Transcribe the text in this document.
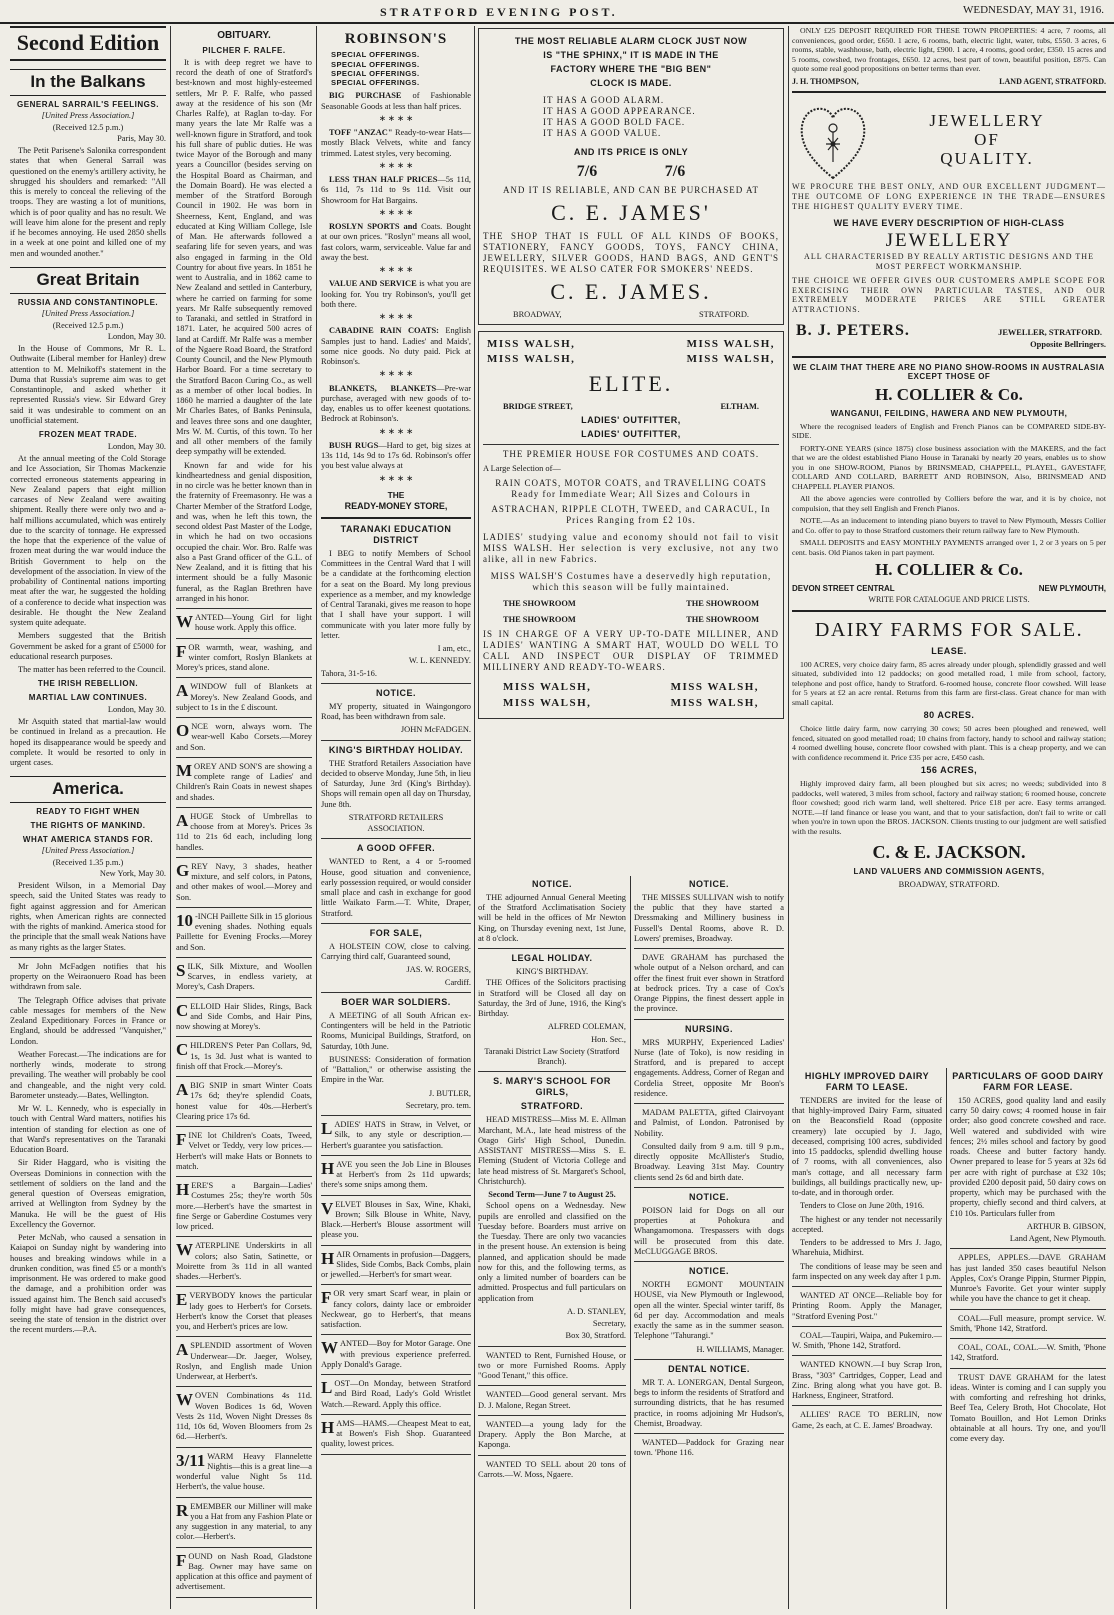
STRATFORD EVENING POST.	WEDNESDAY, MAY 31, 1916.
Second Edition
In the Balkans
GENERAL SARRAIL'S FEELINGS.
[United Press Association.]
(Received 12.5 p.m.)
Paris, May 30.

The Petit Parisene's Salonika correspondent states that when General Sarrail was questioned on the enemy's artillery activity, he shrugged his shoulders and remarked: "All this is merely to conceal the relieving of the troops. They are wasting a lot of munitions, which is of poor quality and has no result. We will leave him alone for the present and reply if he becomes annoying. He used 2850 shells in a week at one point and killed one of my men and wounded another."

Great Britain
RUSSIA AND CONSTANTINOPLE.
[United Press Association.]
(Received 12.5 p.m.)
London, May 30.

In the House of Commons, Mr R. L. Outhwaite (Liberal member for Hanley) drew attention to M. Melnikoff's statement in the Duma that Russia's supreme aim was to get Constantinople, and asked whether it represented Russia's view. Sir Edward Grey said it was undesirable to comment on an unofficial statement.

FROZEN MEAT TRADE.
London, May 30.

At the annual meeting of the Cold Storage and Ice Association, Sir Thomas Mackenzie corrected erroneous statements appearing in New Zealand papers that eight million carcases of New Zealand were awaiting shipment. Really there were only two and a-half millions accumulated, which was entirely due to the scarcity of tonnage. He expressed the hope that the experience of the value of frozen meat during the war would induce the British Government to help on the development of the association. In view of the probability of Continental nations importing meat after the war, he suggested the holding of a conference to decide what inspection was desirable. He thought the New Zealand system quite adequate.

Members suggested that the British Government be asked for a grant of £5000 for educational research purposes.

The matter has been referred to the Council.

THE IRISH REBELLION.
MARTIAL LAW CONTINUES.
London, May 30.

Mr Asquith stated that martial-law would be continued in Ireland as a precaution. He hoped its disappearance would be speedy and complete. It would be resorted to only in urgent cases.

America.
READY TO FIGHT WHEN
THE RIGHTS OF MANKIND.
WHAT AMERICA STANDS FOR.
[United Press Association.]
(Received 1.35 p.m.)
New York, May 30.

President Wilson, in a Memorial Day speech, said the United States was ready to fight against aggression and for American rights, when American rights are connected with the rights of mankind. America stood for the principle that the small weak Nations have as many rights as the larger States.

Mr John McFadgen notifies that his property on the Weiraonuero Road has been withdrawn from sale.

The Telegraph Office advises that private cable messages for members of the New Zealand Expeditionary Forces in France or England, should be addressed "Vanquisher," London.

Weather Forecast.—The indications are for northerly winds, moderate to strong prevailing. The weather will probably be cool and changeable, and the night very cold. Barometer unsteady.—Bates, Wellington.

Mr W. L. Kennedy, who is especially in touch with Central Ward matters, notifies his intention of standing for election as one of that Ward's representatives on the Taranaki Education Board.

Sir Rider Haggard, who is visiting the Overseas Dominions in connection with the settlement of soldiers on the land and the general question of Overseas emigration, arrived at Wellington from Sydney by the Manuka. He will be the guest of His Excellency the Governor.

Peter McNab, who caused a sensation in Kaiapoi on Sunday night by wandering into houses and breaking windows while in a drunken condition, was fined £5 or a month's imprisonment. He was ordered to make good the damage, and a prohibition order was issued against him. The Bench said accused's folly might have had grave consequences, seeing the state of tension in the district over the recent murders.—P.A.

OBITUARY.
PILCHER F. RALFE.

It is with deep regret we have to record the death of one of Stratford's best-known and most highly-esteemed settlers, Mr P. F. Ralfe, who passed away at the residence of his son (Mr Charles Ralfe), at Raglan to-day. For many years the late Mr Ralfe was a well-known figure in Stratford, and took his full share of public duties. He was twice Mayor of the Borough and many years a Councillor (besides serving on the Hospital Board as Chairman, and the Domain Board). He was elected a member of the Stratford Borough Council in 1902. He was born in Sheerness, Kent, England, and was educated at King William College, Isle of Man. He afterwards followed a seafaring life for seven years, and was also engaged in farming in the Old Country for about five years. In 1851 he went to Australia, and in 1862 came to New Zealand and settled in Canterbury, where he carried on farming for some years. Mr Ralfe subsequently removed to Taranaki, and settled in Stratford in 1871. Later, he acquired 500 acres of land at Cardiff. Mr Ralfe was a member of the Ngaere Road Board, the Stratford County Council, and the New Plymouth Harbor Board. For a time secretary to the Stratford Bacon Curing Co., as well as a member of other local bodies. In 1860 he married a daughter of the late Mr Charles Bates, of Banks Peninsula, and leaves three sons and one daughter, Mrs W. M. Curtis, of this town. To her and all other members of the family deep sympathy will be extended.

Known far and wide for his kindheartedness and genial disposition, in no circle was he better known than in the fraternity of Freemasonry. He was a Charter Member of the Stratford Lodge, and was, when he left this town, the second oldest Past Master of the Lodge, in which he had on two occasions occupied the chair. Wor. Bro. Ralfe was also a Past Grand officer of the G.L. of New Zealand, and it is fitting that his interment should be a fully Masonic funeral, as the Raglan Brethren have arranged in his honor.

WANTED—Young Girl for light house work. Apply this office.
FOR warmth, wear, washing, and winter comfort, Roslyn Blankets at Morey's prices, stand alone.
A WINDOW full of Blankets at Morey's. New Zealand Goods, and subject to 1s in the £ discount.
ONCE worn, always worn. The wear-well Kabo Corsets.—Morey and Son.
MOREY AND SON'S are showing a complete range of Ladies' and Children's Rain Coats in newest shapes and shades.
A HUGE Stock of Umbrellas to choose from at Morey's. Prices 3s 11d to 21s 6d each, including long handles.
GREY Navy, 3 shades, heather mixture, and self colors, in Patons, and other makes of wool.—Morey and Son.
10 -INCH Paillette Silk in 15 glorious evening shades. Nothing equals Paillette for Evening Frocks.—Morey and Son.
SILK, Silk Mixture, and Woollen Scarves, in endless variety, at Morey's, Cash Drapers.
CELLOID Hair Slides, Rings, Back and Side Combs, and Hair Pins, now showing at Morey's.
CHILDREN'S Peter Pan Collars, 9d, 1s, 1s 3d. Just what is wanted to finish off that Frock.—Morey's.
A BIG SNIP in smart Winter Coats 17s 6d; they're splendid Coats, honest value for 40s.—Herbert's Clearing price 17s 6d.
FINE lot Children's Coats, Tweed, Velvet or Teddy, very low prices.—Herbert's will make Hats or Bonnets to match.
HERE'S a Bargain—Ladies' Costumes 25s; they're worth 50s more.—Herbert's have the smartest in fine Serge or Gaberdine Costumes very low priced.
WATERPLINE Underskirts in all colors; also Satin, Satinette, or Moirette from 3s 11d in all wanted shades.—Herbert's.
EVERYBODY knows the particular lady goes to Herbert's for Corsets. Herbert's know the Corset that pleases you, and Herbert's prices are low.
A SPLENDID assortment of Woven Underwear—Dr. Jaeger, Wolsey, Roslyn, and English made Union Underwear, at Herbert's.
WOVEN Combinations 4s 11d. Woven Bodices 1s 6d, Woven Vests 2s 11d, Woven Night Dresses 8s 11d, 10s 6d, Woven Bloomers from 2s 6d.—Herbert's.
3/11 WARM Heavy Flannelette Nightis—this is a great line—a wonderful value Night 5s 11d. Herbert's, the value house.
REMEMBER our Milliner will make you a Hat from any Fashion Plate or any suggestion in any material, to any color.—Herbert's.
FOUND on Nash Road, Gladstone Bag. Owner may have same on application at this office and payment of advertisement.
ROBINSON'S
SPECIAL OFFERINGS.
SPECIAL OFFERINGS.
SPECIAL OFFERINGS.
SPECIAL OFFERINGS.

BIG PURCHASE of Fashionable Seasonable Goods at less than half prices.

∗ ∗ ∗ ∗

TOFF "ANZAC" Ready-to-wear Hats—mostly Black Velvets, white and fancy trimmed. Latest styles, very becoming.

∗ ∗ ∗ ∗

LESS THAN HALF PRICES—5s 11d, 6s 11d, 7s 11d to 9s 11d. Visit our Showroom for Hat Bargains.

∗ ∗ ∗ ∗

ROSLYN SPORTS and Coats. Bought at our own prices. "Roslyn" means all wool, fast colors, warm, serviceable. Value far and away the best.

∗ ∗ ∗ ∗

VALUE AND SERVICE is what you are looking for. You try Robinson's, you'll get both there.

∗ ∗ ∗ ∗

CABADINE RAIN COATS: English Samples just to hand. Ladies' and Maids', some nice goods. No duty paid. Pick at Robinson's.

∗ ∗ ∗ ∗

BLANKETS, BLANKETS—Pre-war purchase, averaged with new goods of to-day, enables us to offer keenest quotations. Bedrock at Robinson's.

∗ ∗ ∗ ∗

BUSH RUGS—Hard to get, big sizes at 13s 11d, 14s 9d to 17s 6d. Robinson's offer you best value always at

∗ ∗ ∗ ∗
THE
READY-MONEY STORE,
TARANAKI EDUCATION DISTRICT

I BEG to notify Members of School Committees in the Central Ward that I will be a candidate at the forthcoming election for a seat on the Board. My long previous experience as a member, and my knowledge of Central Taranaki, gives me reason to hope that I shall have your support. I will communicate with you later more fully by letter.

I am, etc.,
W. L. KENNEDY.
Tahora, 31-5-16.
NOTICE.

MY property, situated in Waingongoro Road, has been withdrawn from sale.

JOHN McFADGEN.
KING'S BIRTHDAY HOLIDAY.

THE Stratford Retailers Association have decided to observe Monday, June 5th, in lieu of Saturday, June 3rd (King's Birthday). Shops will remain open all day on Thursday, June 8th.

STRATFORD RETAILERS
ASSOCIATION.
A GOOD OFFER.

WANTED to Rent, a 4 or 5-roomed House, good situation and convenience, early possession required, or would consider small place and cash in exchange for good little Waikato Farm.—T. White, Draper, Stratford.

FOR SALE,

A HOLSTEIN COW, close to calving. Carrying third calf, Guaranteed sound,

JAS. W. ROGERS,
Cardiff.
BOER WAR SOLDIERS.

A MEETING of all South African ex-Contingenters will be held in the Patriotic Rooms, Municipal Buildings, Stratford, on Saturday, 10th June.

BUSINESS: Consideration of formation of "Battalion," or otherwise assisting the Empire in the War.

J. BUTLER,
Secretary, pro. tem.
LADIES' HATS in Straw, in Velvet, or Silk, to any style or description.—Herbert's guarantee you satisfaction.
HAVE you seen the Job Line in Blouses at Herbert's from 2s 11d upwards; there's some snips among them.
VELVET Blouses in Sax, Wine, Khaki, Brown; Silk Blouse in White, Navy, Black.—Herbert's Blouse assortment will please you.
HAIR Ornaments in profusion—Daggers, Slides, Side Combs, Back Combs, plain or jewelled.—Herbert's for smart wear.
FOR very smart Scarf wear, in plain or fancy colors, dainty lace or embroider Neckwear, go to Herbert's, that means satisfaction.
WANTED—Boy for Motor Garage. One with previous experience preferred. Apply Donald's Garage.
LOST—On Monday, between Stratford and Bird Road, Lady's Gold Wristlet Watch.—Reward. Apply this office.
HAMS—HAMS.—Cheapest Meat to eat, at Bowen's Fish Shop. Guaranteed quality, lowest prices.
THE MOST RELIABLE ALARM CLOCK JUST NOW
IS "THE SPHINX," IT IS MADE IN THE
FACTORY WHERE THE "BIG BEN"
CLOCK IS MADE.
IT HAS A GOOD ALARM.
IT HAS A GOOD APPEARANCE.
IT HAS A GOOD BOLD FACE.
IT HAS A GOOD VALUE.
AND ITS PRICE IS ONLY
7/6	7/6
AND IT IS RELIABLE, AND CAN BE PURCHASED AT
C. E. JAMES'
THE SHOP THAT IS FULL OF ALL KINDS OF BOOKS, STATIONERY, FANCY GOODS, TOYS, FANCY CHINA, JEWELLERY, SILVER GOODS, HAND BAGS, AND GENT'S REQUISITES. WE ALSO CATER FOR SMOKERS' NEEDS.
C. E. JAMES.
BROADWAY,	STRATFORD.
MISS WALSH,	MISS WALSH,
MISS WALSH,	MISS WALSH,
ELITE.
BRIDGE STREET,	ELTHAM.
LADIES' OUTFITTER,
LADIES' OUTFITTER,
THE PREMIER HOUSE FOR COSTUMES AND COATS.
A Large Selection of—
RAIN COATS, MOTOR COATS, and TRAVELLING COATS Ready for Immediate Wear; All Sizes and Colours in
ASTRACHAN, RIPPLE CLOTH, TWEED, and CARACUL, In Prices Ranging from £2 10s.
LADIES' studying value and economy should not fail to visit MISS WALSH. Her selection is very exclusive, not any two alike, all in new Fabrics.
MISS WALSH'S Costumes have a deservedly high reputation, which this season will be fully maintained.
THE SHOWROOM	THE SHOWROOM
THE SHOWROOM	THE SHOWROOM
IS IN CHARGE OF A VERY UP-TO-DATE MILLINER, AND LADIES' WANTING A SMART HAT, WOULD DO WELL TO CALL AND INSPECT OUR DISPLAY OF TRIMMED MILLINERY AND READY-TO-WEARS.
MISS WALSH,	MISS WALSH,
MISS WALSH,	MISS WALSH,
NOTICE.

THE adjourned Annual General Meeting of the Stratford Acclimatisation Society will be held in the offices of Mr Newton King, on Thursday evening next, 1st June, at 8 o'clock.

LEGAL HOLIDAY.
KING'S BIRTHDAY.

THE Offices of the Solicitors practising in Stratford will be Closed all day on Saturday, the 3rd of June, 1916, the King's Birthday.

ALFRED COLEMAN,
Hon. Sec.,
Taranaki District Law Society (Stratford Branch).
S. MARY'S SCHOOL FOR GIRLS,
STRATFORD.

HEAD MISTRESS—Miss M. E. Allman Marchant, M.A., late head mistress of the Otago Girls' High School, Dunedin. ASSISTANT MISTRESS—Miss S. E. Fleming (Student of Victoria College and late head mistress of St. Margaret's School, Christchurch).

Second Term—June 7 to August 25.

School opens on a Wednesday. New pupils are enrolled and classified on the Tuesday before. Boarders must arrive on the Tuesday. There are only two vacancies in the present house. An extension is being planned, and application should be made now for this, and the following terms, as only a limited number of boarders can be admitted. Prospectus and full particulars on application from

A. D. STANLEY,
Secretary,
Box 30, Stratford.

WANTED to Rent, Furnished House, or two or more Furnished Rooms. Apply "Good Tenant," this office.

WANTED—Good general servant. Mrs D. J. Malone, Regan Street.

WANTED—a young lady for the Drapery. Apply the Bon Marche, at Kaponga.

WANTED TO SELL about 20 tons of Carrots.—W. Moss, Ngaere.

NOTICE.

THE MISSES SULLIVAN wish to notify the public that they have started a Dressmaking and Millinery business in Fussell's Dental Rooms, above R. D. Lowers' premises, Broadway.

DAVE GRAHAM has purchased the whole output of a Nelson orchard, and can offer the finest fruit ever shown in Stratford at bedrock prices. Try a case of Cox's Orange Pippins, the finest dessert apple in the province.

NURSING.

MRS MURPHY, Experienced Ladies' Nurse (late of Toko), is now residing in Stratford, and is prepared to accept engagements. Address, Corner of Regan and Cordelia Street, opposite Mr Boon's residence.

MADAM PALETTA, gifted Clairvoyant and Palmist, of London. Patronised by Nobility.

Consulted daily from 9 a.m. till 9 p.m., directly opposite McAllister's Studio, Broadway. Leaving 31st May. Country clients send 2s 6d and birth date.

NOTICE.

POISON laid for Dogs on all our properties at Pohokura and Whangamomona. Trespassers with dogs will be prosecuted from this date. McCLUGGAGE BROS.

NOTICE.

NORTH EGMONT MOUNTAIN HOUSE, via New Plymouth or Inglewood, open all the winter. Special winter tariff, 8s 6d per day. Accommodation and meals exactly the same as in the summer season. Telephone "Tahurangi."

H. WILLIAMS, Manager.
DENTAL NOTICE.

MR T. A. LONERGAN, Dental Surgeon, begs to inform the residents of Stratford and surrounding districts, that he has resumed practice, in rooms adjoining Mr Hudson's, Chemist, Broadway.

WANTED—Paddock for Grazing near town. 'Phone 116.

ONLY £25 DEPOSIT REQUIRED FOR THESE TOWN PROPERTIES: 4 acre, 7 rooms, all conveniences, good order, £650. 1 acre, 6 rooms, bath, electric light, water, tubs, £550. 3 acres, 6 rooms, stable, washhouse, bath, electric light, £900. 1 acre, 4 rooms, good order, £350. 15 acres and 5 rooms, cowshed, two frontages, £650. 12 acres, best part of town, beautiful position, £875. Can quote some real good propositions on better terms than ever.

J. H. THOMPSON,	LAND AGENT, STRATFORD.
JEWELLERY
OF
QUALITY.
WE PROCURE THE BEST ONLY, AND OUR EXCELLENT JUDGMENT—THE OUTCOME OF LONG EXPERIENCE IN THE TRADE—ENSURES THE HIGHEST QUALITY EVERY TIME.
WE HAVE EVERY DESCRIPTION OF HIGH-CLASS
JEWELLERY
ALL CHARACTERISED BY REALLY ARTISTIC DESIGNS AND THE MOST PERFECT WORKMANSHIP.
THE CHOICE WE OFFER GIVES OUR CUSTOMERS AMPLE SCOPE FOR EXERCISING THEIR OWN PARTICULAR TASTES, AND OUR EXTREMELY MODERATE PRICES ARE STILL GREATER ATTRACTIONS.
B. J. PETERS.	JEWELLER, STRATFORD.
Opposite Bellringers.
WE CLAIM THAT THERE ARE NO PIANO SHOW-ROOMS IN AUSTRALASIA EXCEPT THOSE OF
H. COLLIER & Co.
WANGANUI, FEILDING, HAWERA AND NEW PLYMOUTH,

Where the recognised leaders of English and French Pianos can be COMPARED SIDE-BY-SIDE.

FORTY-ONE YEARS (since 1875) close business association with the MAKERS, and the fact that we are the oldest established Piano House in Taranaki by nearly 20 years, enables us to show you in one SHOW-ROOM, Pianos by BRINSMEAD, CHAPPELL, PLAYEL, GAVESTAFF, COLLARD AND COLLARD, BARRETT AND ROBINSON, Also, BRINSMEAD AND CHAPPELL PLAYER PIANOS.

All the above agencies were controlled by Colliers before the war, and it is by choice, not compulsion, that they sell English and French Pianos.

NOTE.—As an inducement to intending piano buyers to travel to New Plymouth, Messrs Collier and Co. offer to pay to those Stratford customers their return railway fare to New Plymouth.

SMALL DEPOSITS and EASY MONTHLY PAYMENTS arranged over 1, 2 or 3 years on 5 per cent. basis. Old Pianos taken in part payment.

H. COLLIER & Co.
DEVON STREET CENTRAL	NEW PLYMOUTH,
WRITE FOR CATALOGUE AND PRICE LISTS.
DAIRY FARMS FOR SALE.
LEASE.

100 ACRES, very choice dairy farm, 85 acres already under plough, splendidly grassed and well situated, subdivided into 12 paddocks; on good metalled road, 1 mile from school, factory, telephone and post office, handy to Stratford. 6-roomed house, concrete floor cowshed. Will lease for 5 years at £2 an acre rental. Returns from this farm are first-class. Great chance for man with small capital.

80 ACRES.

Choice little dairy farm, now carrying 30 cows; 50 acres been ploughed and renewed, well fenced, situated on good metalled road; 10 chains from factory, handy to school and railway station; 4 roomed dwelling house, concrete floor cowshed with plant. This is a cheap property, and we can with confidence recommend it. Price £35 per acre, £450 cash.

156 ACRES,

Highly improved dairy farm, all been ploughed but six acres; no weeds; subdivided into 8 paddocks, well watered, 3 miles from school, factory and railway station; 6 roomed house, concrete floor cowshed; good rich warm land, well sheltered. Price £18 per acre. Easy terms arranged. NOTE.—If land finance or lease you want, and that to your satisfaction, don't fail to write or call when you're in town upon the BROS. JACKSON. Clients trusting to our judgment are well satisfied with the results.

C. & E. JACKSON.
LAND VALUERS AND COMMISSION AGENTS,
BROADWAY, STRATFORD.
HIGHLY IMPROVED DAIRY FARM TO LEASE.

TENDERS are invited for the lease of that highly-improved Dairy Farm, situated on the Beaconsfield Road (opposite creamery) late occupied by J. Jago, deceased, comprising 100 acres, subdivided into 15 paddocks, splendid dwelling house of 7 rooms, with all conveniences, also man's cottage, and all necessary farm buildings, all buildings practically new, up-to-date, and in thorough order.

Tenders to Close on June 20th, 1916.

The highest or any tender not necessarily accepted.

Tenders to be addressed to Mrs J. Jago, Wharehuia, Midhirst.

The conditions of lease may be seen and farm inspected on any week day after 1 p.m.

WANTED AT ONCE—Reliable boy for Printing Room. Apply the Manager, "Stratford Evening Post."

COAL—Taupiri, Waipa, and Pukemiro.—W. Smith, 'Phone 142, Stratford.

WANTED KNOWN.—I buy Scrap Iron, Brass, "303" Cartridges, Copper, Lead and Zinc. Bring along what you have got. B. Harkness, Engineer, Stratford.

ALLIES' RACE TO BERLIN, now Game, 2s each, at C. E. James' Broadway.

PARTICULARS OF GOOD DAIRY FARM FOR LEASE.

150 ACRES, good quality land and easily carry 50 dairy cows; 4 roomed house in fair order; also good concrete cowshed and race. Well watered and subdivided with wire fences; 2½ miles school and factory by good roads. Cheese and butter factory handy. Owner prepared to lease for 5 years at 32s 6d per acre with right of purchase at £32 10s; provided £200 deposit paid, 50 dairy cows on property, which may be purchased with the property, chiefly second and third calvers, at £10 10s. Particulars fuller from

ARTHUR B. GIBSON,
Land Agent, New Plymouth.

APPLES, APPLES.—DAVE GRAHAM has just landed 350 cases beautiful Nelson Apples, Cox's Orange Pippin, Sturmer Pippin, Munroe's Favorite. Get your winter supply while you have the chance to get it cheap.

COAL—Full measure, prompt service. W. Smith, 'Phone 142, Stratford.

COAL, COAL, COAL.—W. Smith, 'Phone 142, Stratford.

TRUST DAVE GRAHAM for the latest ideas. Winter is coming and I can supply you with comforting and refreshing hot drinks, Beef Tea, Celery Broth, Hot Chocolate, Hot Tomato Bouillon, and Hot Lemon Drinks obtainable at all hours. Try one, and you'll come every day.
